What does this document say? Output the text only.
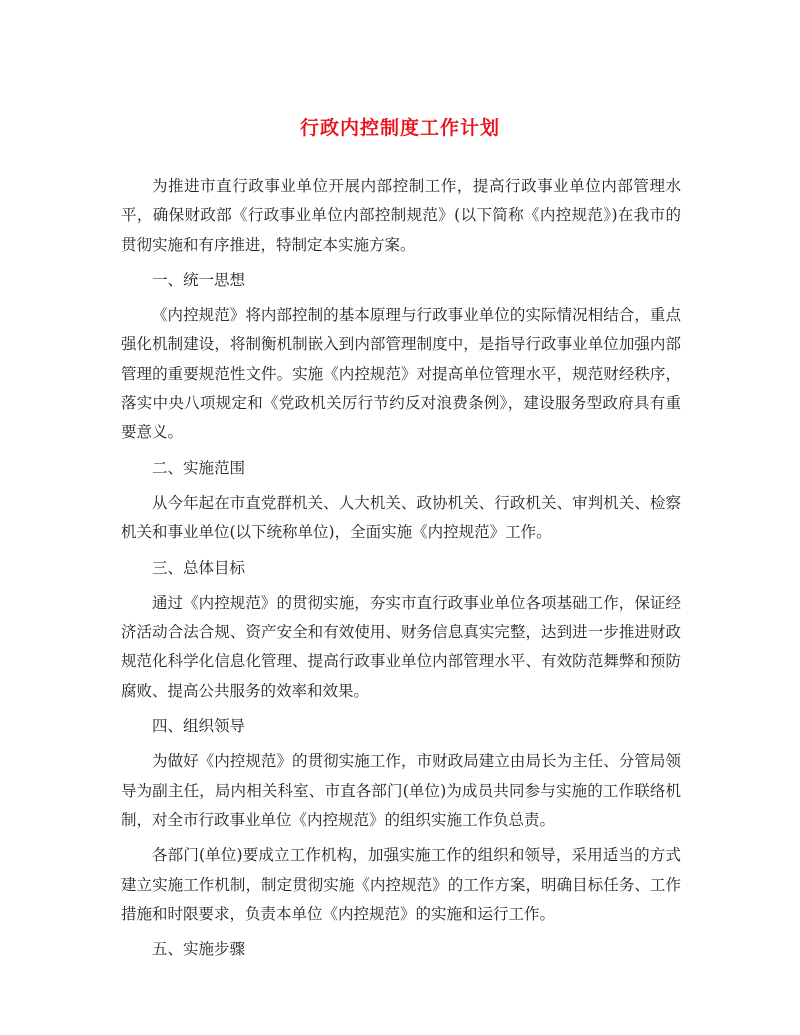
行政内控制度工作计划

为推进市直行政事业单位开展内部控制工作，提高行政事业单位内部管理水平，确保财政部《行政事业单位内部控制规范》(以下简称《内控规范》)在我市的贯彻实施和有序推进，特制定本实施方案。

一、统一思想

《内控规范》将内部控制的基本原理与行政事业单位的实际情况相结合，重点强化机制建设，将制衡机制嵌入到内部管理制度中，是指导行政事业单位加强内部管理的重要规范性文件。实施《内控规范》对提高单位管理水平，规范财经秩序，落实中央八项规定和《党政机关厉行节约反对浪费条例》，建设服务型政府具有重要意义。

二、实施范围

从今年起在市直党群机关、人大机关、政协机关、行政机关、审判机关、检察机关和事业单位(以下统称单位)，全面实施《内控规范》工作。

三、总体目标

通过《内控规范》的贯彻实施，夯实市直行政事业单位各项基础工作，保证经济活动合法合规、资产安全和有效使用、财务信息真实完整，达到进一步推进财政规范化科学化信息化管理、提高行政事业单位内部管理水平、有效防范舞弊和预防腐败、提高公共服务的效率和效果。

四、组织领导

为做好《内控规范》的贯彻实施工作，市财政局建立由局长为主任、分管局领导为副主任，局内相关科室、市直各部门(单位)为成员共同参与实施的工作联络机制，对全市行政事业单位《内控规范》的组织实施工作负总责。

各部门(单位)要成立工作机构，加强实施工作的组织和领导，采用适当的方式建立实施工作机制，制定贯彻实施《内控规范》的工作方案，明确目标任务、工作措施和时限要求，负责本单位《内控规范》的实施和运行工作。

五、实施步骤
